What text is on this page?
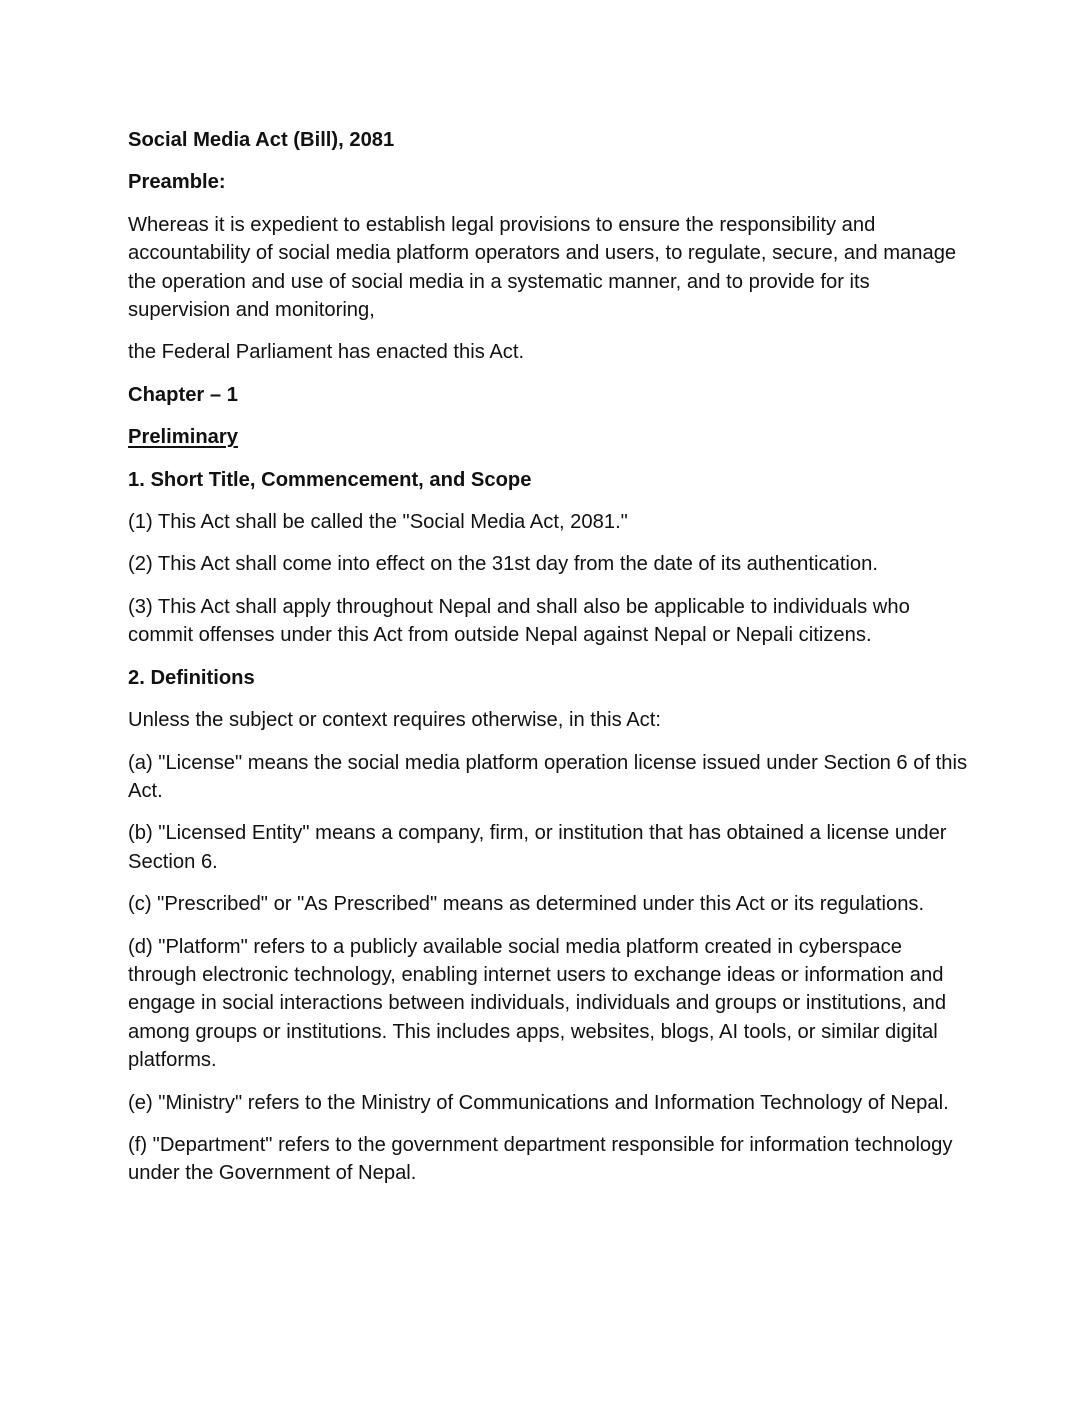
Social Media Act (Bill), 2081

Preamble:

Whereas it is expedient to establish legal provisions to ensure the responsibility and accountability of social media platform operators and users, to regulate, secure, and manage the operation and use of social media in a systematic manner, and to provide for its supervision and monitoring,

the Federal Parliament has enacted this Act.

Chapter – 1

Preliminary

1. Short Title, Commencement, and Scope

(1) This Act shall be called the "Social Media Act, 2081."

(2) This Act shall come into effect on the 31st day from the date of its authentication.

(3) This Act shall apply throughout Nepal and shall also be applicable to individuals who commit offenses under this Act from outside Nepal against Nepal or Nepali citizens.

2. Definitions

Unless the subject or context requires otherwise, in this Act:

(a) "License" means the social media platform operation license issued under Section 6 of this Act.

(b) "Licensed Entity" means a company, firm, or institution that has obtained a license under Section 6.

(c) "Prescribed" or "As Prescribed" means as determined under this Act or its regulations.

(d) "Platform" refers to a publicly available social media platform created in cyberspace through electronic technology, enabling internet users to exchange ideas or information and engage in social interactions between individuals, individuals and groups or institutions, and among groups or institutions. This includes apps, websites, blogs, AI tools, or similar digital platforms.

(e) "Ministry" refers to the Ministry of Communications and Information Technology of Nepal.

(f) "Department" refers to the government department responsible for information technology under the Government of Nepal.
